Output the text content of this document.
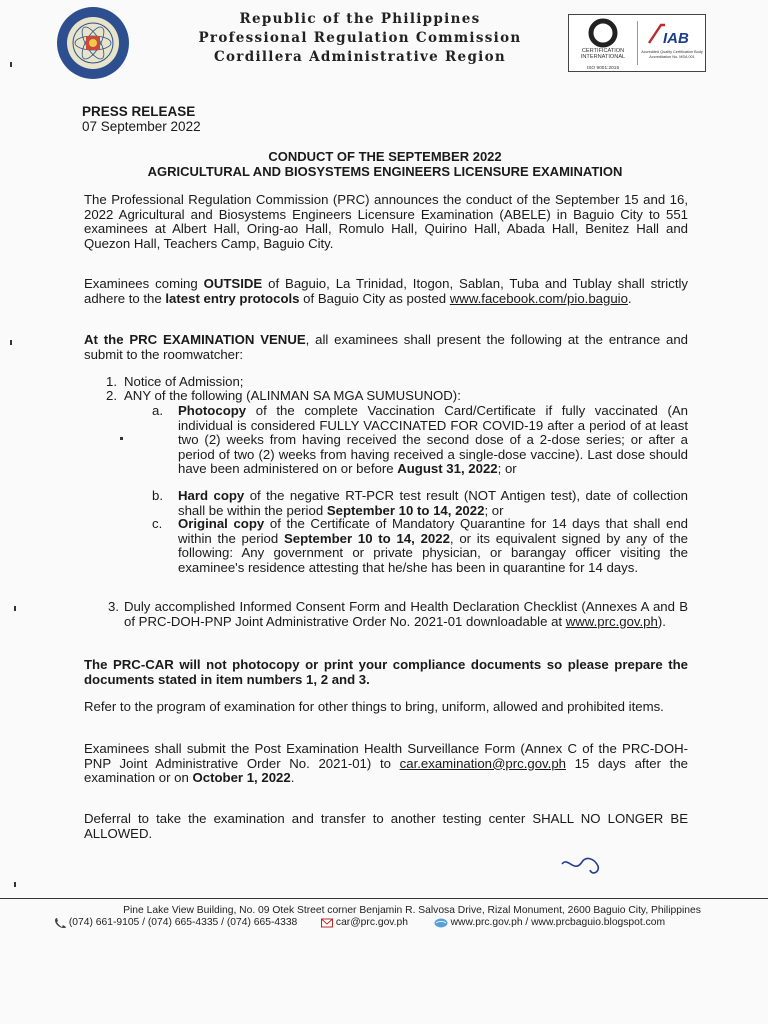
Republic of the Philippines
Professional Regulation Commission
Cordillera Administrative Region	CERTIFICATION INTERNATIONAL
ISO 9001:2015
IAB
Accredited Quality Certification Body Accreditation No. MSA 001
PRESS RELEASE
07 September 2022
CONDUCT OF THE SEPTEMBER 2022
AGRICULTURAL AND BIOSYSTEMS ENGINEERS LICENSURE EXAMINATION
The Professional Regulation Commission (PRC) announces the conduct of the September 15 and 16, 2022 Agricultural and Biosystems Engineers Licensure Examination (ABELE) in Baguio City to 551 examinees at Albert Hall, Oring-ao Hall, Romulo Hall, Quirino Hall, Abada Hall, Benitez Hall and Quezon Hall, Teachers Camp, Baguio City.
Examinees coming OUTSIDE of Baguio, La Trinidad, Itogon, Sablan, Tuba and Tublay shall strictly adhere to the latest entry protocols of Baguio City as posted www.facebook.com/pio.baguio.
At the PRC EXAMINATION VENUE, all examinees shall present the following at the entrance and submit to the roomwatcher:
1. Notice of Admission;
2. ANY of the following (ALINMAN SA MGA SUMUSUNOD):
a. Photocopy of the complete Vaccination Card/Certificate if fully vaccinated (An individual is considered FULLY VACCINATED FOR COVID-19 after a period of at least two (2) weeks from having received the second dose of a 2-dose series; or after a period of two (2) weeks from having received a single-dose vaccine). Last dose should have been administered on or before August 31, 2022; or
b. Hard copy of the negative RT-PCR test result (NOT Antigen test), date of collection shall be within the period September 10 to 14, 2022; or
c. Original copy of the Certificate of Mandatory Quarantine for 14 days that shall end within the period September 10 to 14, 2022, or its equivalent signed by any of the following: Any government or private physician, or barangay officer visiting the examinee's residence attesting that he/she has been in quarantine for 14 days.
3. Duly accomplished Informed Consent Form and Health Declaration Checklist (Annexes A and B of PRC-DOH-PNP Joint Administrative Order No. 2021-01 downloadable at www.prc.gov.ph).
The PRC-CAR will not photocopy or print your compliance documents so please prepare the documents stated in item numbers 1, 2 and 3.
Refer to the program of examination for other things to bring, uniform, allowed and prohibited items.
Examinees shall submit the Post Examination Health Surveillance Form (Annex C of the PRC-DOH-PNP Joint Administrative Order No. 2021-01) to car.examination@prc.gov.ph 15 days after the examination or on October 1, 2022.
Deferral to take the examination and transfer to another testing center SHALL NO LONGER BE ALLOWED.
Pine Lake View Building, No. 09 Otek Street corner Benjamin R. Salvosa Drive, Rizal Monument, 2600 Baguio City, Philippines
(074) 661-9105 / (074) 665-4335 / (074) 665-4338	car@prc.gov.ph	www.prc.gov.ph / www.prcbaguio.blogspot.com
